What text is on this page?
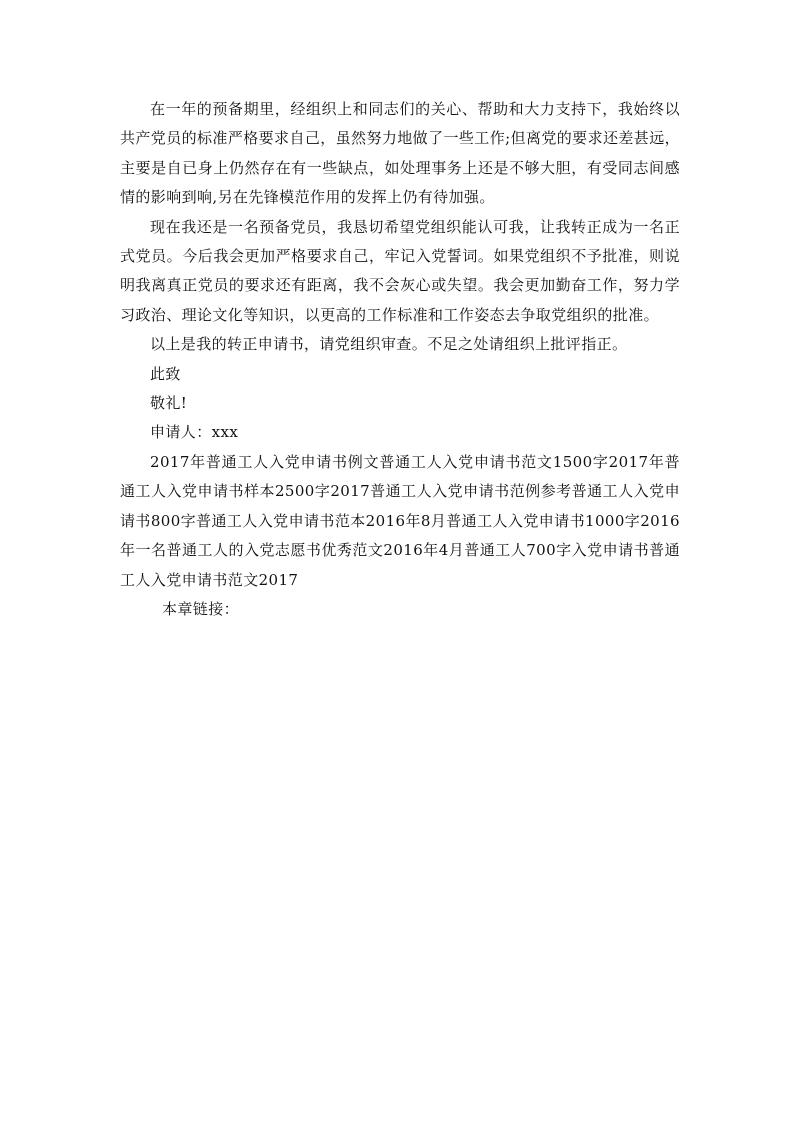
在一年的预备期里，经组织上和同志们的关心、帮助和大力支持下，我始终以共产党员的标准严格要求自己，虽然努力地做了一些工作;但离党的要求还差甚远，主要是自已身上仍然存在有一些缺点，如处理事务上还是不够大胆，有受同志间感情的影响到响,另在先锋模范作用的发挥上仍有待加强。

现在我还是一名预备党员，我恳切希望党组织能认可我，让我转正成为一名正式党员。今后我会更加严格要求自己，牢记入党誓词。如果党组织不予批准，则说明我离真正党员的要求还有距离，我不会灰心或失望。我会更加勤奋工作，努力学习政治、理论文化等知识，以更高的工作标准和工作姿态去争取党组织的批准。

以上是我的转正申请书，请党组织审查。不足之处请组织上批评指正。

此致

敬礼!

申请人：xxx

2017年普通工人入党申请书例文普通工人入党申请书范文1500字2017年普通工人入党申请书样本2500字2017普通工人入党申请书范例参考普通工人入党申请书800字普通工人入党申请书范本2016年8月普通工人入党申请书1000字2016年一名普通工人的入党志愿书优秀范文2016年4月普通工人700字入党申请书普通工人入党申请书范文2017

本章链接：
